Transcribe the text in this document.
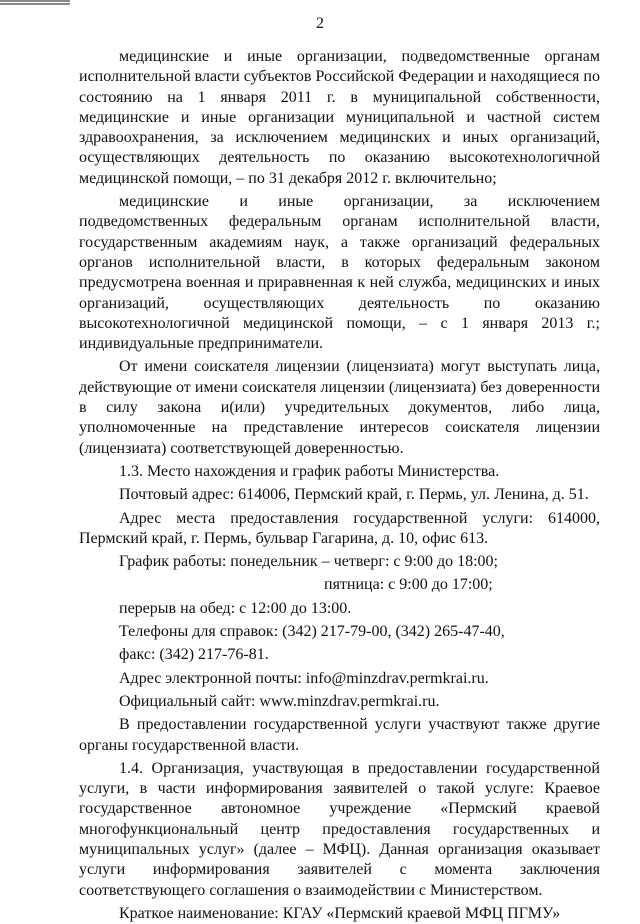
2

медицинские и иные организации, подведомственные органам исполнительной власти субъектов Российской Федерации и находящиеся по состоянию на 1 января 2011 г. в муниципальной собственности, медицинские и иные организации муниципальной и частной систем здравоохранения, за исключением медицинских и иных организаций, осуществляющих деятельность по оказанию высокотехнологичной медицинской помощи, – по 31 декабря 2012 г. включительно;

медицинские и иные организации, за исключением подведомственных федеральным органам исполнительной власти, государственным академиям наук, а также организаций федеральных органов исполнительной власти, в которых федеральным законом предусмотрена военная и приравненная к ней служба, медицинских и иных организаций, осуществляющих деятельность по оказанию высокотехнологичной медицинской помощи, – с 1 января 2013 г.; индивидуальные предприниматели.

От имени соискателя лицензии (лицензиата) могут выступать лица, действующие от имени соискателя лицензии (лицензиата) без доверенности в силу закона и(или) учредительных документов, либо лица, уполномоченные на представление интересов соискателя лицензии (лицензиата) соответствующей доверенностью.

1.3. Место нахождения и график работы Министерства.

Почтовый адрес: 614006, Пермский край, г. Пермь, ул. Ленина, д. 51.

Адрес места предоставления государственной услуги: 614000, Пермский край, г. Пермь, бульвар Гагарина, д. 10, офис 613.

График работы: понедельник – четверг: с 9:00 до 18:00;

пятница: с 9:00 до 17:00;

перерыв на обед: с 12:00 до 13:00.

Телефоны для справок: (342) 217-79-00, (342) 265-47-40,

факс: (342) 217-76-81.

Адрес электронной почты: info@minzdrav.permkrai.ru.

Официальный сайт: www.minzdrav.permkrai.ru.

В предоставлении государственной услуги участвуют также другие органы государственной власти.

1.4. Организация, участвующая в предоставлении государственной услуги, в части информирования заявителей о такой услуге: Краевое государственное автономное учреждение «Пермский краевой многофункциональный центр предоставления государственных и муниципальных услуг» (далее – МФЦ). Данная организация оказывает услуги информирования заявителей с момента заключения соответствующего соглашения о взаимодействии с Министерством.

Краткое наименование: КГАУ «Пермский краевой МФЦ ПГМУ»
